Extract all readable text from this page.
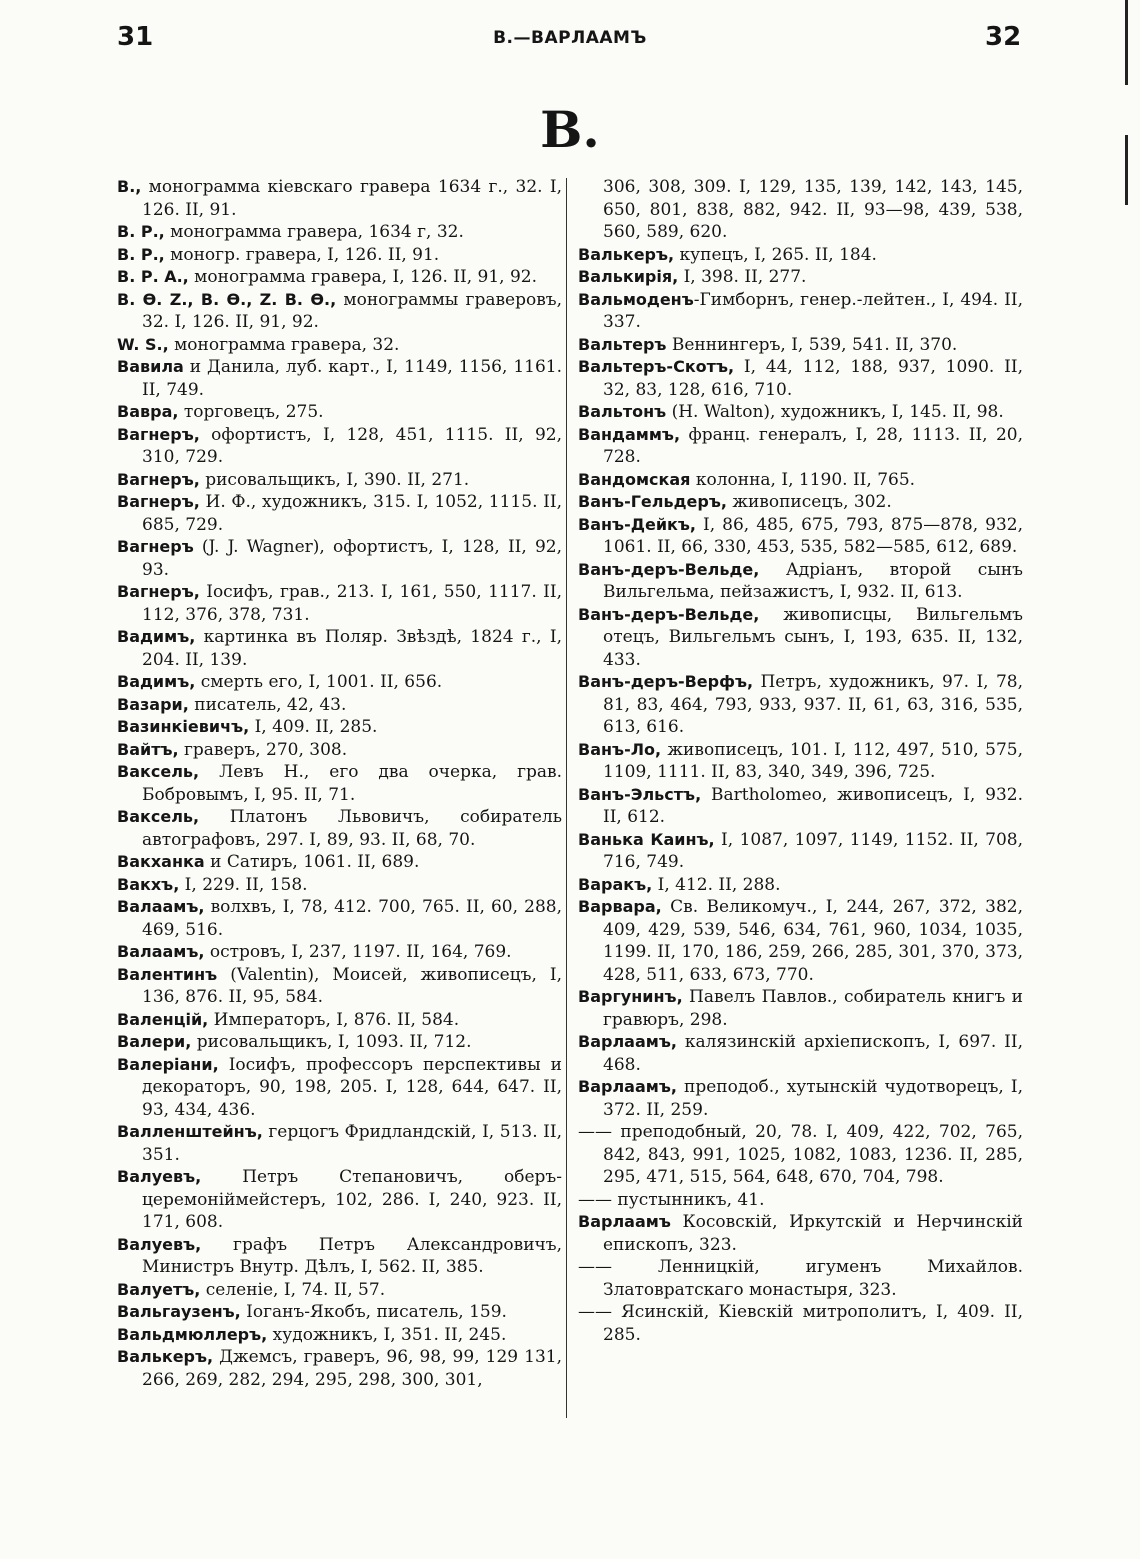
31	В.—ВАРЛААМЪ	32
В.

В., монограмма кіевскаго гравера 1634 г., 32. I, 126. II, 91.

В. Р., монограмма гравера, 1634 г, 32.

В. Р., моногр. гравера, I, 126. II, 91.

В. Р. А., монограмма гравера, I, 126. II, 91, 92.

В. Ѳ. Z., В. Ѳ., Z. В. Ѳ., монограммы граверовъ, 32. I, 126. II, 91, 92.

W. S., монограмма гравера, 32.

Вавила и Данила, луб. карт., I, 1149, 1156, 1161. II, 749.

Вавра, торговецъ, 275.

Вагнеръ, офортистъ, I, 128, 451, 1115. II, 92, 310, 729.

Вагнеръ, рисовальщикъ, I, 390. II, 271.

Вагнеръ, И. Ф., художникъ, 315. I, 1052, 1115. II, 685, 729.

Вагнеръ (J. J. Wagner), офортистъ, I, 128, II, 92, 93.

Вагнеръ, Іосифъ, грав., 213. I, 161, 550, 1117. II, 112, 376, 378, 731.

Вадимъ, картинка въ Поляр. Звѣздѣ, 1824 г., I, 204. II, 139.

Вадимъ, смерть его, I, 1001. II, 656.

Вазари, писатель, 42, 43.

Вазинкіевичъ, I, 409. II, 285.

Вайтъ, граверъ, 270, 308.

Ваксель, Левъ Н., его два очерка, грав. Бобровымъ, I, 95. II, 71.

Ваксель, Платонъ Львовичъ, собиратель автографовъ, 297. I, 89, 93. II, 68, 70.

Вакханка и Сатиръ, 1061. II, 689.

Вакхъ, I, 229. II, 158.

Валаамъ, волхвъ, I, 78, 412. 700, 765. II, 60, 288, 469, 516.

Валаамъ, островъ, I, 237, 1197. II, 164, 769.

Валентинъ (Valentin), Моисей, живописецъ, I, 136, 876. II, 95, 584.

Валенцій, Императоръ, I, 876. II, 584.

Валери, рисовальщикъ, I, 1093. II, 712.

Валеріани, Іосифъ, профессоръ перспективы и декораторъ, 90, 198, 205. I, 128, 644, 647. II, 93, 434, 436.

Валленштейнъ, герцогъ Фридландскій, I, 513. II, 351.

Валуевъ, Петръ Степановичъ, оберъ-церемонiймейстеръ, 102, 286. I, 240, 923. II, 171, 608.

Валуевъ, графъ Петръ Александровичъ, Министръ Внутр. Дѣлъ, I, 562. II, 385.

Валуетъ, селеніе, I, 74. II, 57.

Вальгаузенъ, Іоганъ-Якобъ, писатель, 159.

Вальдмюллеръ, художникъ, I, 351. II, 245.

Валькеръ, Джемсъ, граверъ, 96, 98, 99, 129 131, 266, 269, 282, 294, 295, 298, 300, 301,

306, 308, 309. I, 129, 135, 139, 142, 143, 145, 650, 801, 838, 882, 942. II, 93—98, 439, 538, 560, 589, 620.

Валькеръ, купецъ, I, 265. II, 184.

Валькирія, I, 398. II, 277.

Вальмоденъ-Гимборнъ, генер.-лейтен., I, 494. II, 337.

Вальтеръ Веннингеръ, I, 539, 541. II, 370.

Вальтеръ-Скотъ, I, 44, 112, 188, 937, 1090. II, 32, 83, 128, 616, 710.

Вальтонъ (H. Walton), художникъ, I, 145. II, 98.

Вандаммъ, франц. генералъ, I, 28, 1113. II, 20, 728.

Вандомская колонна, I, 1190. II, 765.

Ванъ-Гельдеръ, живописецъ, 302.

Ванъ-Дейкъ, I, 86, 485, 675, 793, 875—878, 932, 1061. II, 66, 330, 453, 535, 582—585, 612, 689.

Ванъ-деръ-Вельде, Адріанъ, второй сынъ Вильгельма, пейзажистъ, I, 932. II, 613.

Ванъ-деръ-Вельде, живописцы, Вильгельмъ отецъ, Вильгельмъ сынъ, I, 193, 635. II, 132, 433.

Ванъ-деръ-Верфъ, Петръ, художникъ, 97. I, 78, 81, 83, 464, 793, 933, 937. II, 61, 63, 316, 535, 613, 616.

Ванъ-Ло, живописецъ, 101. I, 112, 497, 510, 575, 1109, 1111. II, 83, 340, 349, 396, 725.

Ванъ-Эльстъ, Bartholomeo, живописецъ, I, 932. II, 612.

Ванька Каинъ, I, 1087, 1097, 1149, 1152. II, 708, 716, 749.

Варакъ, I, 412. II, 288.

Варвара, Св. Великомуч., I, 244, 267, 372, 382, 409, 429, 539, 546, 634, 761, 960, 1034, 1035, 1199. II, 170, 186, 259, 266, 285, 301, 370, 373, 428, 511, 633, 673, 770.

Варгунинъ, Павелъ Павлов., собиратель книгъ и гравюръ, 298.

Варлаамъ, калязинскій архіепископъ, I, 697. II, 468.

Варлаамъ, преподоб., хутынскій чудотворецъ, I, 372. II, 259.

—— преподобный, 20, 78. I, 409, 422, 702, 765, 842, 843, 991, 1025, 1082, 1083, 1236. II, 285, 295, 471, 515, 564, 648, 670, 704, 798.

—— пустынникъ, 41.

Варлаамъ Косовскій, Иркутскій и Нерчинскій епископъ, 323.

—— Ленницкій, игуменъ Михайлов. Златовратскаго монастыря, 323.

—— Ясинскій, Кіевскій митрополитъ, I, 409. II, 285.
